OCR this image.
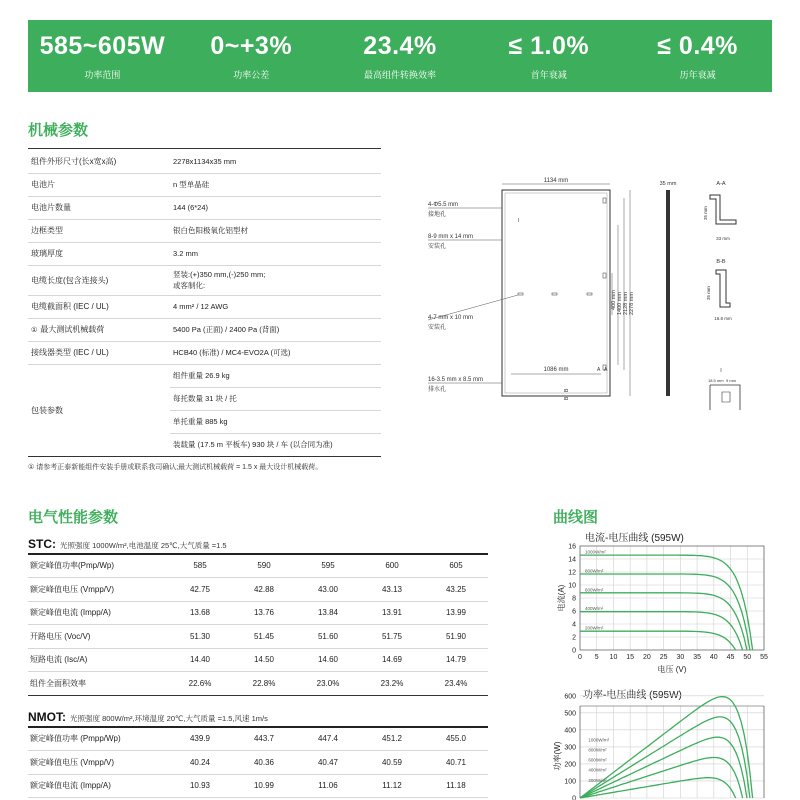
585~605W
功率范围
0~+3%
功率公差
23.4%
最高组件转换效率
≤ 1.0%
首年衰减
≤ 0.4%
历年衰减
机械参数
组件外形尺寸(长x宽x高)	2278x1134x35 mm
电池片	n 型单晶硅
电池片数量	144 (6*24)
边框类型	银白色阳极氧化铝型材
玻璃厚度	3.2 mm
电缆长度(包含连接头)	竖装:(+)350 mm,(-)250 mm;
或客制化:

电缆截面积 (IEC / UL)	4 mm² / 12 AWG
① 最大测试机械载荷	5400 Pa (正面) / 2400 Pa (背面)
接线器类型 (IEC / UL)	HCB40 (标准) / MC4-EVO2A (可选)
包装参数	组件重量 26.9 kg
	每托数量 31 块 / 托
	单托重量 885 kg
	装载量 (17.5 m 平板车) 930 块 / 车 (以合同为准)
① 请参考正泰新能组件安装手册或联系我司确认;最大测试机械载荷 = 1.5 x 最大设计机械载荷。
1134 mm
1086 mm
400 mm 1400 mm 2128 mm 2278 mm
A A
B
B
I
4-Φ5.5 mm
接地孔
8-9 mm x 14 mm
安装孔
4-7 mm x 10 mm
安装孔
16-3.5 mm x 8.5 mm
排水孔
35 mm	A-A
35 mm
33 mm
B-B
35 mm
16.8 mm
I
18.5 mm 9 mm
电气性能参数
STC: 光照强度 1000W/m²,电池温度 25℃,大气质量 =1.5
额定峰值功率(Pmp/Wp)	585	590	595	600	605
额定峰值电压 (Vmpp/V)	42.75	42.88	43.00	43.13	43.25
额定峰值电流 (Impp/A)	13.68	13.76	13.84	13.91	13.99
开路电压 (Voc/V)	51.30	51.45	51.60	51.75	51.90
短路电流 (Isc/A)	14.40	14.50	14.60	14.69	14.79
组件全面积效率	22.6%	22.8%	23.0%	23.2%	23.4%
NMOT: 光照强度 800W/m²,环境温度 20℃,大气质量 =1.5,风速 1m/s
额定峰值功率 (Pmpp/Wp)	439.9	443.7	447.4	451.2	455.0
额定峰值电压 (Vmpp/V)	40.24	40.36	40.47	40.59	40.71
额定峰值电流 (Impp/A)	10.93	10.99	11.06	11.12	11.18
曲线图
电流-电压曲线 (595W)
功率-电压曲线 (595W)
0
2
4
6
8
10
12
14
16
0 5 10 15 20 25 30 35 40 45 50 55
1000W/m²
800W/m²
600W/m²
400W/m²
200W/m²
电压 (V)
电流(A)
0
100
200
300
400
500
600
1000W/m²
800W/m²
600W/m²
400W/m²
200W/m²
功率(W)
